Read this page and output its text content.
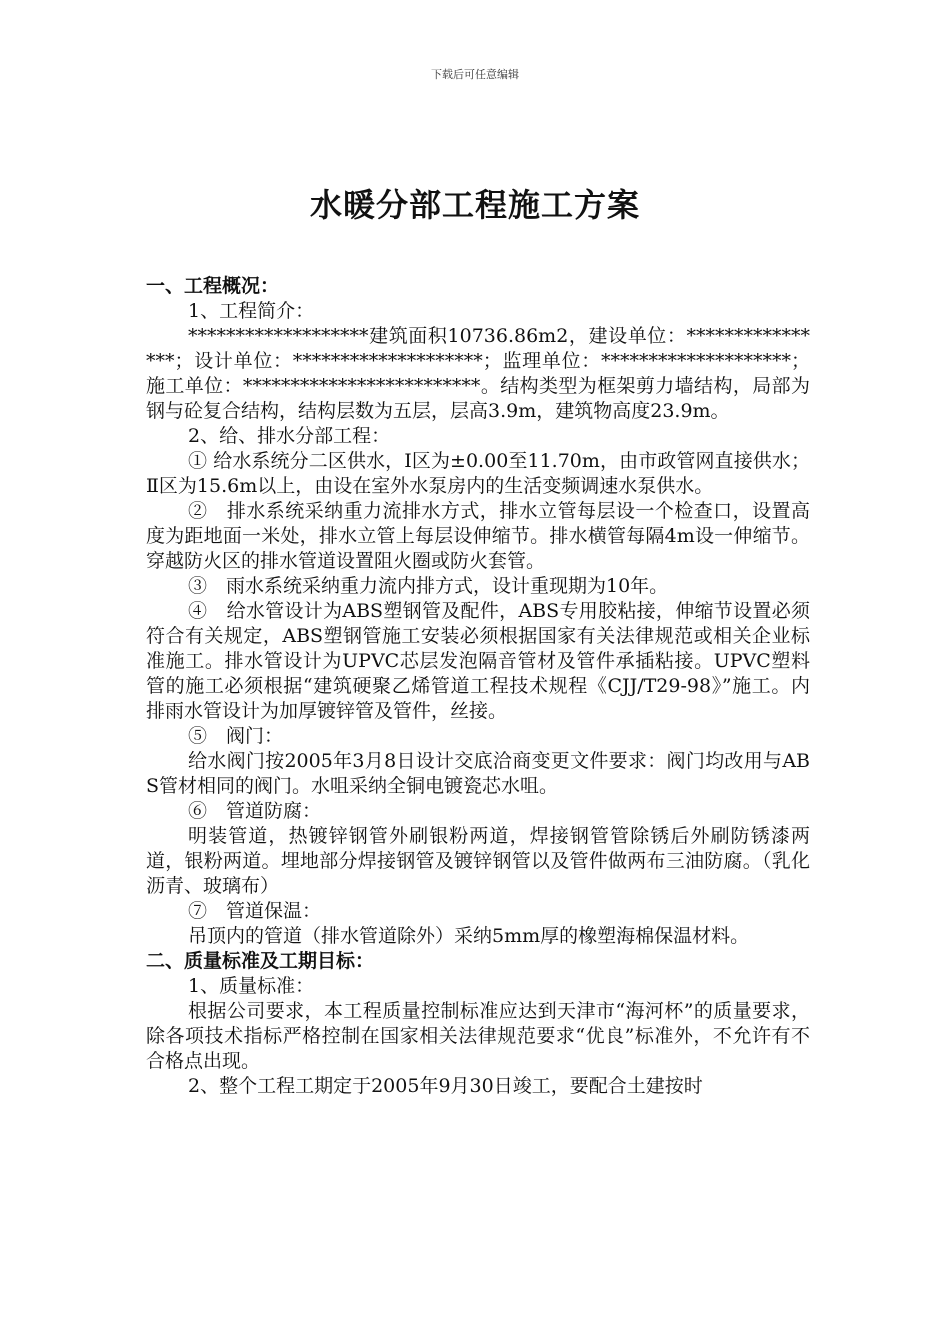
下载后可任意编辑
水暖分部工程施工方案

一、工程概况：

1、工程简介：

*******************建筑面积10736.86m2，建设单位：****************；设计单位：********************；监理单位：********************；施工单位：*************************。结构类型为框架剪力墙结构，局部为钢与砼复合结构，结构层数为五层，层高3.9m，建筑物高度23.9m。

2、给、排水分部工程：

① 给水系统分二区供水，Ⅰ区为±0.00至11.70m，由市政管网直接供水；Ⅱ区为15.6m以上，由设在室外水泵房内的生活变频调速水泵供水。

②　排水系统采纳重力流排水方式，排水立管每层设一个检查口，设置高度为距地面一米处，排水立管上每层设伸缩节。排水横管每隔4m设一伸缩节。穿越防火区的排水管道设置阻火圈或防火套管。

③　雨水系统采纳重力流内排方式，设计重现期为10年。

④　给水管设计为ABS塑钢管及配件，ABS专用胶粘接，伸缩节设置必须符合有关规定，ABS塑钢管施工安装必须根据国家有关法律规范或相关企业标准施工。排水管设计为UPVC芯层发泡隔音管材及管件承插粘接。UPVC塑料管的施工必须根据“建筑硬聚乙烯管道工程技术规程《CJJ/T29-98》”施工。内排雨水管设计为加厚镀锌管及管件，丝接。

⑤　阀门：

给水阀门按2005年3月8日设计交底洽商变更文件要求：阀门均改用与ABS管材相同的阀门。水咀采纳全铜电镀瓷芯水咀。

⑥　管道防腐：

明装管道，热镀锌钢管外刷银粉两道，焊接钢管管除锈后外刷防锈漆两道，银粉两道。埋地部分焊接钢管及镀锌钢管以及管件做两布三油防腐。（乳化沥青、玻璃布）

⑦　管道保温：

吊顶内的管道（排水管道除外）采纳5mm厚的橡塑海棉保温材料。

二、质量标准及工期目标：

1、质量标准：

根据公司要求，本工程质量控制标准应达到天津市“海河杯”的质量要求，除各项技术指标严格控制在国家相关法律规范要求“优良”标准外，不允许有不合格点出现。

2、整个工程工期定于2005年9月30日竣工，要配合土建按时
